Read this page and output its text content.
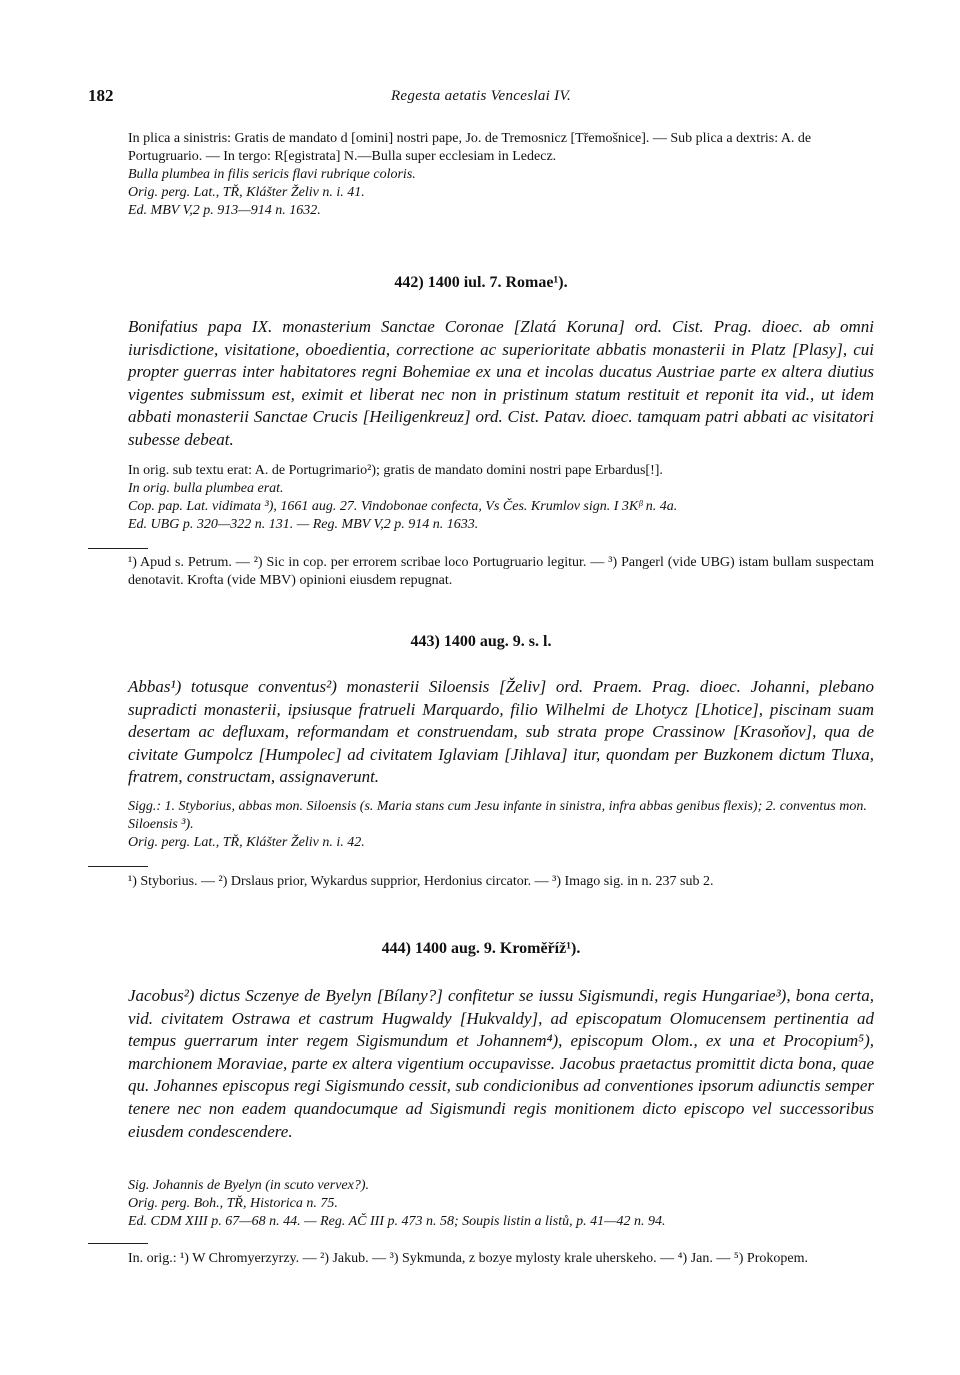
182	Regesta aetatis Venceslai IV.

In plica a sinistris: Gratis de mandato d [omini] nostri pape, Jo. de Tremosnicz [Třemošnice]. — Sub plica a dextris: A. de Portugruario. — In tergo: R[egistrata] N.—Bulla super ecclesiam in Ledecz.

Bulla plumbea in filis sericis flavi rubrique coloris.

Orig. perg. Lat., TŘ, Klášter Želiv n. i. 41.

Ed. MBV V,2 p. 913—914 n. 1632.

442) 1400 iul. 7. Romae¹).

Bonifatius papa IX. monasterium Sanctae Coronae [Zlatá Koruna] ord. Cist. Prag. dioec. ab omni iurisdictione, visitatione, oboedientia, correctione ac superioritate abbatis monasterii in Platz [Plasy], cui propter guerras inter habitatores regni Bohemiae ex una et incolas ducatus Austriae parte ex altera diutius vigentes submissum est, eximit et liberat nec non in pristinum statum restituit et reponit ita vid., ut idem abbati monasterii Sanctae Crucis [Heiligenkreuz] ord. Cist. Patav. dioec. tamquam patri abbati ac visitatori subesse debeat.

In orig. sub textu erat: A. de Portugrimario²); gratis de mandato domini nostri pape Erbardus[!].

In orig. bulla plumbea erat.

Cop. pap. Lat. vidimata ³), 1661 aug. 27. Vindobonae confecta, Vs Čes. Krumlov sign. I 3Kᵝ n. 4a.

Ed. UBG p. 320—322 n. 131. — Reg. MBV V,2 p. 914 n. 1633.

¹) Apud s. Petrum. — ²) Sic in cop. per errorem scribae loco Portugruario legitur. — ³) Pangerl (vide UBG) istam bullam suspectam denotavit. Krofta (vide MBV) opinioni eiusdem repugnat.

443) 1400 aug. 9. s. l.

Abbas¹) totusque conventus²) monasterii Siloensis [Želiv] ord. Praem. Prag. dioec. Johanni, plebano supradicti monasterii, ipsiusque fratrueli Marquardo, filio Wilhelmi de Lhotycz [Lhotice], piscinam suam desertam ac defluxam, reformandam et construendam, sub strata prope Crassinow [Krasoňov], qua de civitate Gumpolcz [Humpolec] ad civitatem Iglaviam [Jihlava] itur, quondam per Buzkonem dictum Tluxa, fratrem, constructam, assignaverunt.

Sigg.: 1. Styborius, abbas mon. Siloensis (s. Maria stans cum Jesu infante in sinistra, infra abbas genibus flexis); 2. conventus mon. Siloensis ³).

Orig. perg. Lat., TŘ, Klášter Želiv n. i. 42.

¹) Styborius. — ²) Drslaus prior, Wykardus supprior, Herdonius circator. — ³) Imago sig. in n. 237 sub 2.

444) 1400 aug. 9. Kroměříž¹).

Jacobus²) dictus Sczenye de Byelyn [Bílany?] confitetur se iussu Sigismundi, regis Hungariae³), bona certa, vid. civitatem Ostrawa et castrum Hugwaldy [Hukvaldy], ad episcopatum Olomucensem pertinentia ad tempus guerrarum inter regem Sigismundum et Johannem⁴), episcopum Olom., ex una et Procopium⁵), marchionem Moraviae, parte ex altera vigentium occupavisse. Jacobus praetactus promittit dicta bona, quae qu. Johannes episcopus regi Sigismundo cessit, sub condicionibus ad conventiones ipsorum adiunctis semper tenere nec non eadem quandocumque ad Sigismundi regis monitionem dicto episcopo vel successoribus eiusdem condescendere.

Sig. Johannis de Byelyn (in scuto vervex?).

Orig. perg. Boh., TŘ, Historica n. 75.

Ed. CDM XIII p. 67—68 n. 44. — Reg. AČ III p. 473 n. 58; Soupis listin a listů, p. 41—42 n. 94.

In. orig.: ¹) W Chromyerzyrzy. — ²) Jakub. — ³) Sykmunda, z bozye mylosty krale uherskeho. — ⁴) Jan. — ⁵) Prokopem.
